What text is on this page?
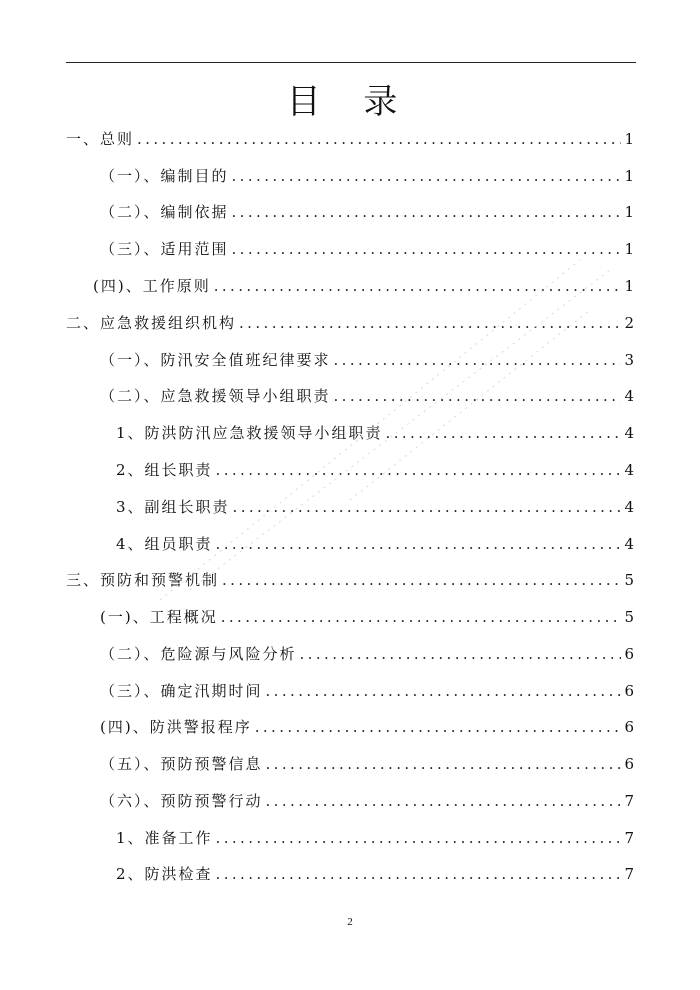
目 录
一、总则 .....	1
（一）、编制目的 .....	1
（二）、编制依据 .....	1
（三）、适用范围 .....	1
(四)、工作原则 .....	1
二、应急救援组织机构 .....	2
（一）、防汛安全值班纪律要求 .....	3
（二）、应急救援领导小组职责 .....	4
1、防洪防汛应急救援领导小组职责 .....	4
2、组长职责 .....	4
3、副组长职责 .....	4
4、组员职责 .....	4
三、预防和预警机制 .....	5
(一)、工程概况 .....	5
（二）、危险源与风险分析 .....	6
（三）、确定汛期时间 .....	6
(四)、防洪警报程序 .....	6
（五）、预防预警信息 .....	6
（六）、预防预警行动 .....	7
1、准备工作 .....	7
2、防洪检查 .....	7
2
